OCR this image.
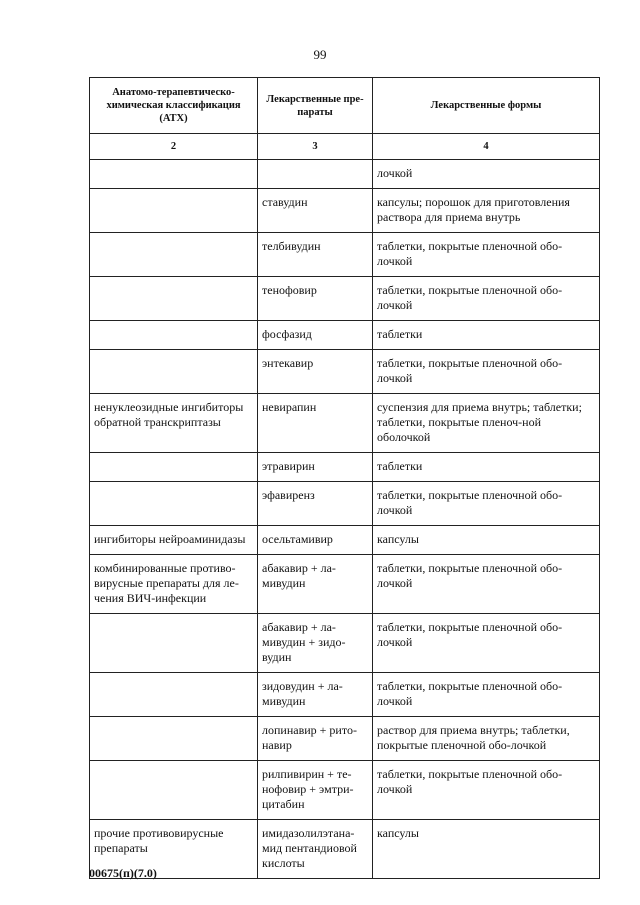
99
Анатомо-терапевтическо-химическая классификация (АТХ)	Лекарственные пре-параты	Лекарственные формы
2	3	4
		лочкой
	ставудин	капсулы; порошок для приготовления раствора для приема внутрь
	телбивудин	таблетки, покрытые пленочной обо-лочкой
	тенофовир	таблетки, покрытые пленочной обо-лочкой
	фосфазид	таблетки
	энтекавир	таблетки, покрытые пленочной обо-лочкой
ненуклеозидные ингибиторы обратной транскриптазы	невирапин	суспензия для приема внутрь; таблетки; таблетки, покрытые пленоч-ной оболочкой
	этравирин	таблетки
	эфавиренз	таблетки, покрытые пленочной обо-лочкой
ингибиторы нейроаминидазы	осельтамивир	капсулы
комбинированные противо-вирусные препараты для ле-чения ВИЧ-инфекции	абакавир + ла-мивудин	таблетки, покрытые пленочной обо-лочкой
	абакавир + ла-мивудин + зидо-вудин	таблетки, покрытые пленочной обо-лочкой
	зидовудин + ла-мивудин	таблетки, покрытые пленочной обо-лочкой
	лопинавир + рито-навир	раствор для приема внутрь; таблетки, покрытые пленочной обо-лочкой
	рилпивирин + те-нофовир + эмтри-цитабин	таблетки, покрытые пленочной обо-лочкой
прочие противовирусные препараты	имидазолилэтана-мид пентандиовой кислоты	капсулы
00675(п)(7.0)
